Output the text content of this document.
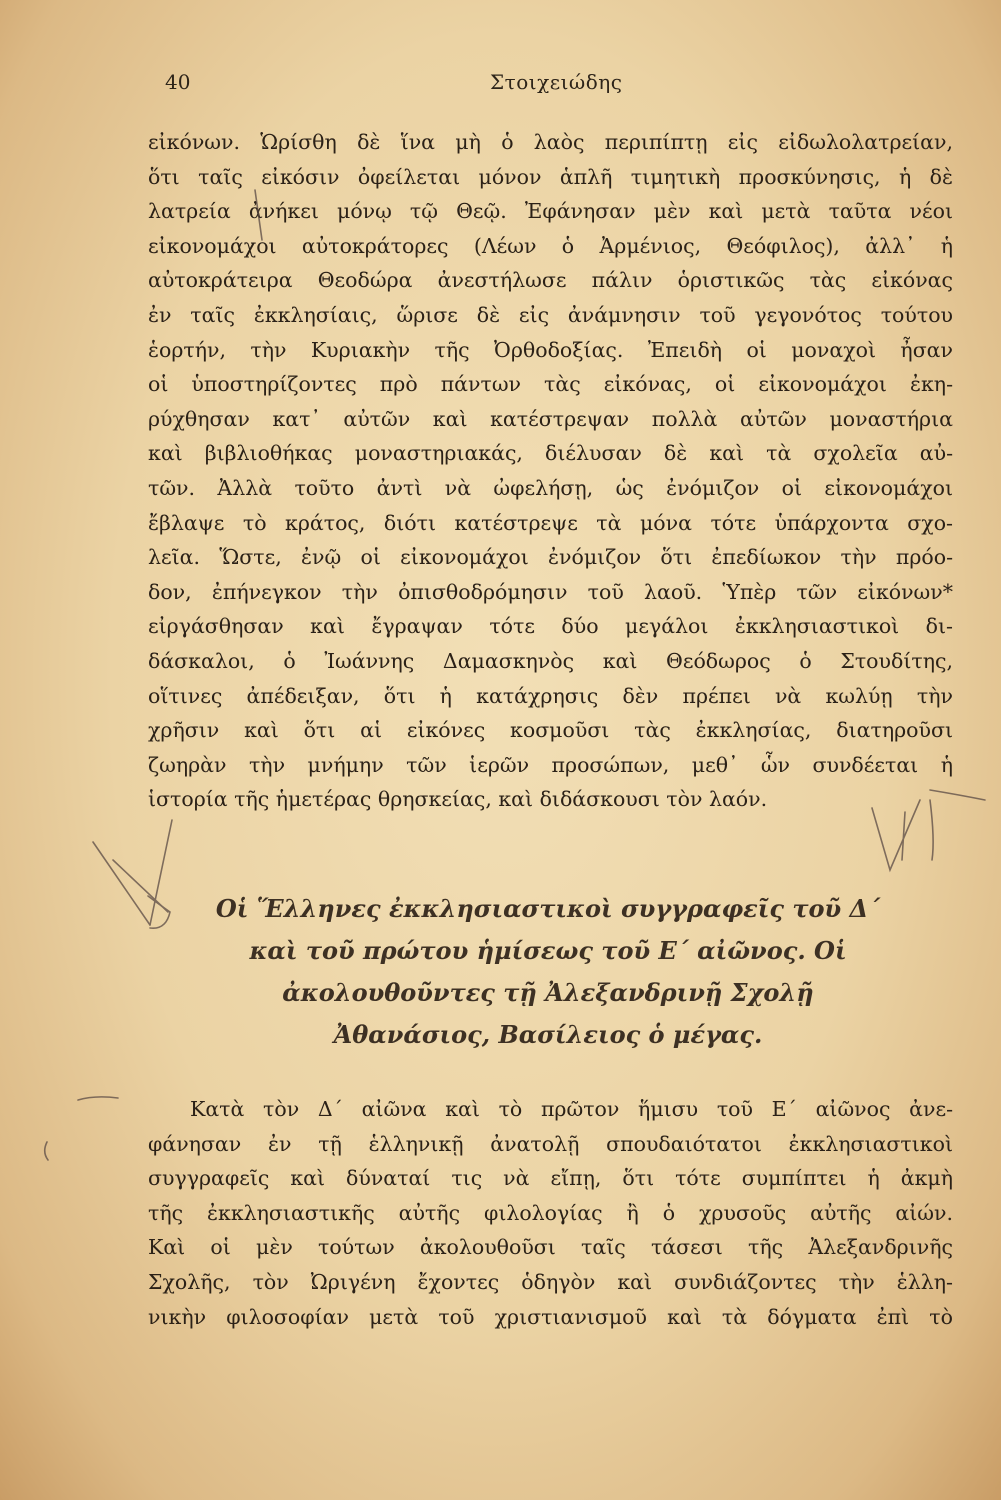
40	Στοιχειώδης
εἰκόνων. Ὡρίσθη δὲ ἵνα μὴ ὁ λαὸς περιπίπτῃ εἰς εἰδωλολατρείαν,
ὅτι ταῖς εἰκόσιν ὀφείλεται μόνον ἁπλῆ τιμητικὴ προσκύνησις, ἡ δὲ
λατρεία ἀνήκει μόνῳ τῷ Θεῷ. Ἐφάνησαν μὲν καὶ μετὰ ταῦτα νέοι
εἰκονομάχοι αὐτοκράτορες (Λέων ὁ Ἀρμένιος, Θεόφιλος), ἀλλ᾿ ἡ
αὐτοκράτειρα Θεοδώρα ἀνεστήλωσε πάλιν ὁριστικῶς τὰς εἰκόνας
ἐν ταῖς ἐκκλησίαις, ὥρισε δὲ εἰς ἀνάμνησιν τοῦ γεγονότος τούτου
ἑορτήν, τὴν Κυριακὴν τῆς Ὀρθοδοξίας. Ἐπειδὴ οἱ μοναχοὶ ἦσαν
οἱ ὑποστηρίζοντες πρὸ πάντων τὰς εἰκόνας, οἱ εἰκονομάχοι ἐκη-
ρύχθησαν κατ᾿ αὐτῶν καὶ κατέστρεψαν πολλὰ αὐτῶν μοναστήρια
καὶ βιβλιοθήκας μοναστηριακάς, διέλυσαν δὲ καὶ τὰ σχολεῖα αὐ-
τῶν. Ἀλλὰ τοῦτο ἀντὶ νὰ ὠφελήσῃ, ὡς ἐνόμιζον οἱ εἰκονομάχοι
ἔβλαψε τὸ κράτος, διότι κατέστρεψε τὰ μόνα τότε ὑπάρχοντα σχο-
λεῖα. Ὥστε, ἐνῷ οἱ εἰκονομάχοι ἐνόμιζον ὅτι ἐπεδίωκον τὴν πρόο-
δον, ἐπήνεγκον τὴν ὀπισθοδρόμησιν τοῦ λαοῦ. Ὑπὲρ τῶν εἰκόνων*
εἰργάσθησαν καὶ ἔγραψαν τότε δύο μεγάλοι ἐκκλησιαστικοὶ δι-
δάσκαλοι, ὁ Ἰωάννης Δαμασκηνὸς καὶ Θεόδωρος ὁ Στουδίτης,
οἵτινες ἀπέδειξαν, ὅτι ἡ κατάχρησις δὲν πρέπει νὰ κωλύῃ τὴν
χρῆσιν καὶ ὅτι αἱ εἰκόνες κοσμοῦσι τὰς ἐκκλησίας, διατηροῦσι
ζωηρὰν τὴν μνήμην τῶν ἱερῶν προσώπων, μεθ᾿ ὧν συνδέεται ἡ
ἱστορία τῆς ἡμετέρας θρησκείας, καὶ διδάσκουσι τὸν λαόν.
Οἱ Ἕλληνες ἐκκλησιαστικοὶ συγγραφεῖς τοῦ Δ΄
καὶ τοῦ πρώτου ἡμίσεως τοῦ Ε΄ αἰῶνος. Οἱ
ἀκολουθοῦντες τῇ Ἀλεξανδρινῇ Σχολῇ
Ἀθανάσιος, Βασίλειος ὁ μέγας.
Κατὰ τὸν Δ΄ αἰῶνα καὶ τὸ πρῶτον ἥμισυ τοῦ Ε΄ αἰῶνος ἀνε-
φάνησαν ἐν τῇ ἑλληνικῇ ἀνατολῇ σπουδαιότατοι ἐκκλησιαστικοὶ
συγγραφεῖς καὶ δύναταί τις νὰ εἴπῃ, ὅτι τότε συμπίπτει ἡ ἀκμὴ
τῆς ἐκκλησιαστικῆς αὐτῆς φιλολογίας ἢ ὁ χρυσοῦς αὐτῆς αἰών.
Καὶ οἱ μὲν τούτων ἀκολουθοῦσι ταῖς τάσεσι τῆς Ἀλεξανδρινῆς
Σχολῆς, τὸν Ὠριγένη ἔχοντες ὁδηγὸν καὶ συνδιάζοντες τὴν ἑλλη-
νικὴν φιλοσοφίαν μετὰ τοῦ χριστιανισμοῦ καὶ τὰ δόγματα ἐπὶ τὸ
